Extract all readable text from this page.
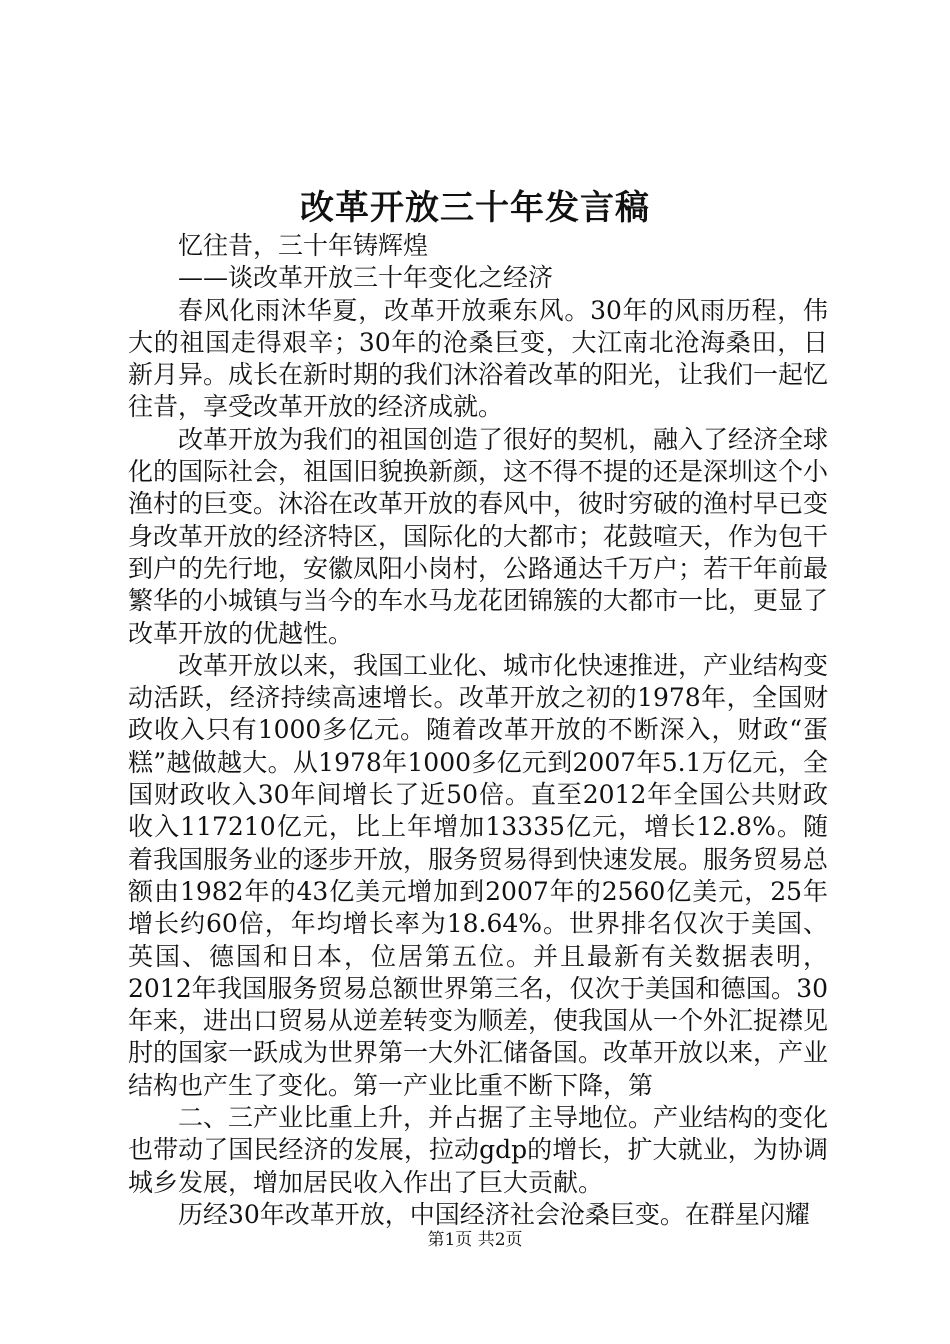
改革开放三十年发言稿

忆往昔，三十年铸辉煌

——谈改革开放三十年变化之经济

春风化雨沐华夏，改革开放乘东风。30年的风雨历程，伟大的祖国走得艰辛；30年的沧桑巨变，大江南北沧海桑田，日新月异。成长在新时期的我们沐浴着改革的阳光，让我们一起忆往昔，享受改革开放的经济成就。

改革开放为我们的祖国创造了很好的契机，融入了经济全球化的国际社会，祖国旧貌换新颜，这不得不提的还是深圳这个小渔村的巨变。沐浴在改革开放的春风中，彼时穷破的渔村早已变身改革开放的经济特区，国际化的大都市；花鼓喧天，作为包干到户的先行地，安徽凤阳小岗村，公路通达千万户；若干年前最繁华的小城镇与当今的车水马龙花团锦簇的大都市一比，更显了改革开放的优越性。

改革开放以来，我国工业化、城市化快速推进，产业结构变动活跃，经济持续高速增长。改革开放之初的1978年，全国财政收入只有1000多亿元。随着改革开放的不断深入，财政“蛋糕”越做越大。从1978年1000多亿元到2007年5.1万亿元，全国财政收入30年间增长了近50倍。直至2012年全国公共财政收入117210亿元，比上年增加13335亿元，增长12.8%。随着我国服务业的逐步开放，服务贸易得到快速发展。服务贸易总额由1982年的43亿美元增加到2007年的2560亿美元，25年增长约60倍，年均增长率为18.64%。世界排名仅次于美国、英国、德国和日本，位居第五位。并且最新有关数据表明，2012年我国服务贸易总额世界第三名，仅次于美国和德国。30年来，进出口贸易从逆差转变为顺差，使我国从一个外汇捉襟见肘的国家一跃成为世界第一大外汇储备国。改革开放以来，产业结构也产生了变化。第一产业比重不断下降，第

二、三产业比重上升，并占据了主导地位。产业结构的变化也带动了国民经济的发展，拉动gdp的增长，扩大就业，为协调城乡发展，增加居民收入作出了巨大贡献。

历经30年改革开放，中国经济社会沧桑巨变。在群星闪耀

第1页 共2页
